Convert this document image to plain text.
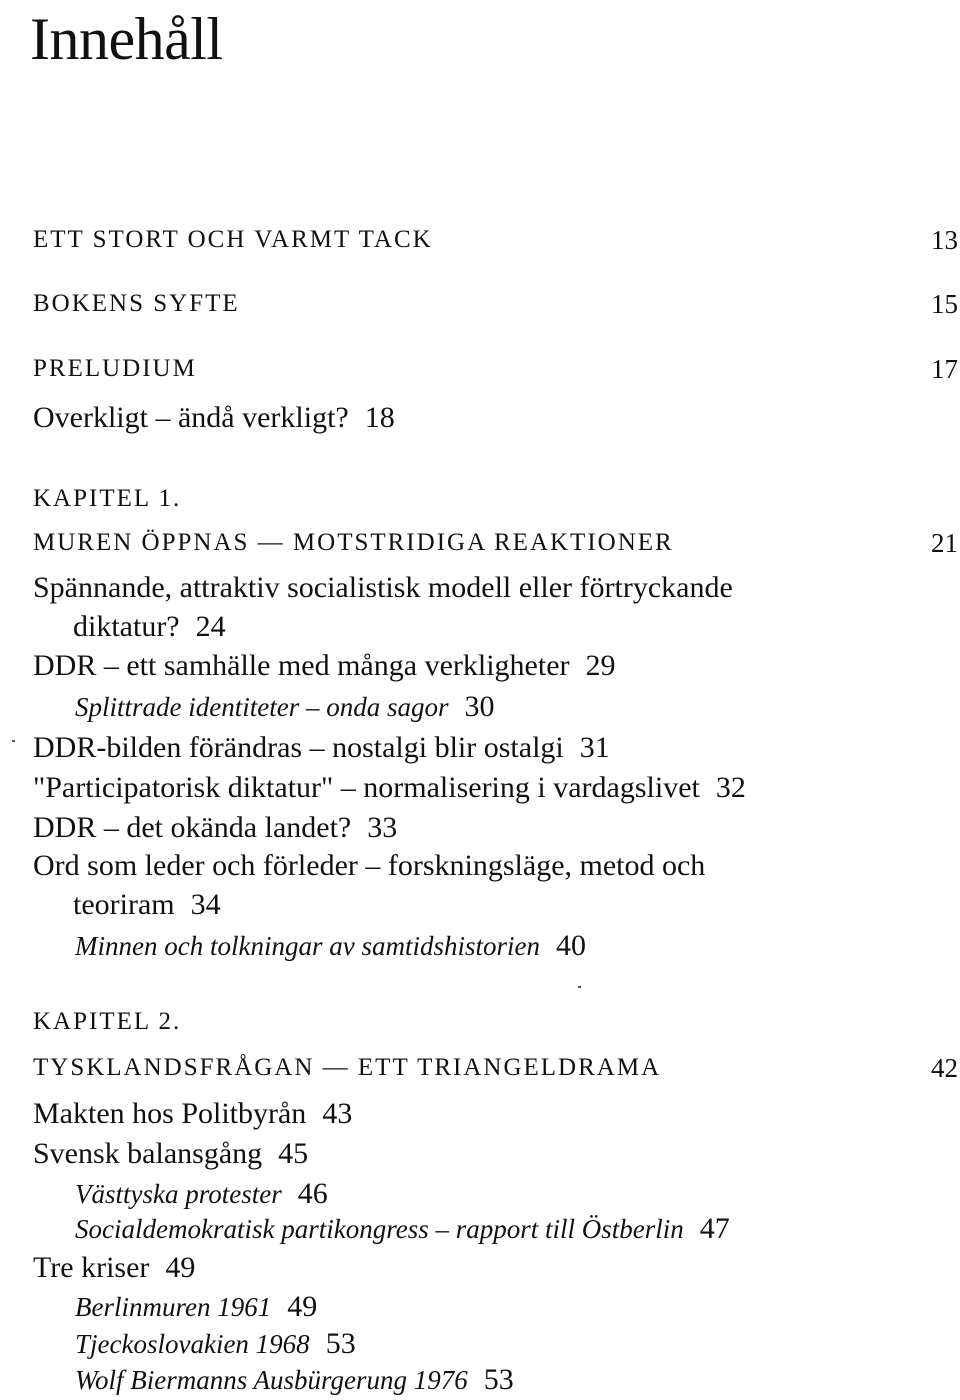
Innehåll
ETT STORT OCH VARMT TACK	13
BOKENS SYFTE	15
PRELUDIUM	17
Overkligt – ändå verkligt? 18
KAPITEL 1.
MUREN ÖPPNAS — MOTSTRIDIGA REAKTIONER	21
Spännande, attraktiv socialistisk modell eller förtryckande
diktatur? 24
DDR – ett samhälle med många verkligheter 29
Splittrade identiteter – onda sagor 30
DDR-bilden förändras – nostalgi blir ostalgi 31
"Participatorisk diktatur" – normalisering i vardagslivet 32
DDR – det okända landet? 33
Ord som leder och förleder – forskningsläge, metod och
teoriram 34
Minnen och tolkningar av samtidshistorien 40
KAPITEL 2.
TYSKLANDSFRÅGAN — ETT TRIANGELDRAMA	42
Makten hos Politbyrån 43
Svensk balansgång 45
Västtyska protester 46
Socialdemokratisk partikongress – rapport till Östberlin 47
Tre kriser 49
Berlinmuren 1961 49
Tjeckoslovakien 1968 53
Wolf Biermanns Ausbürgerung 1976 53
